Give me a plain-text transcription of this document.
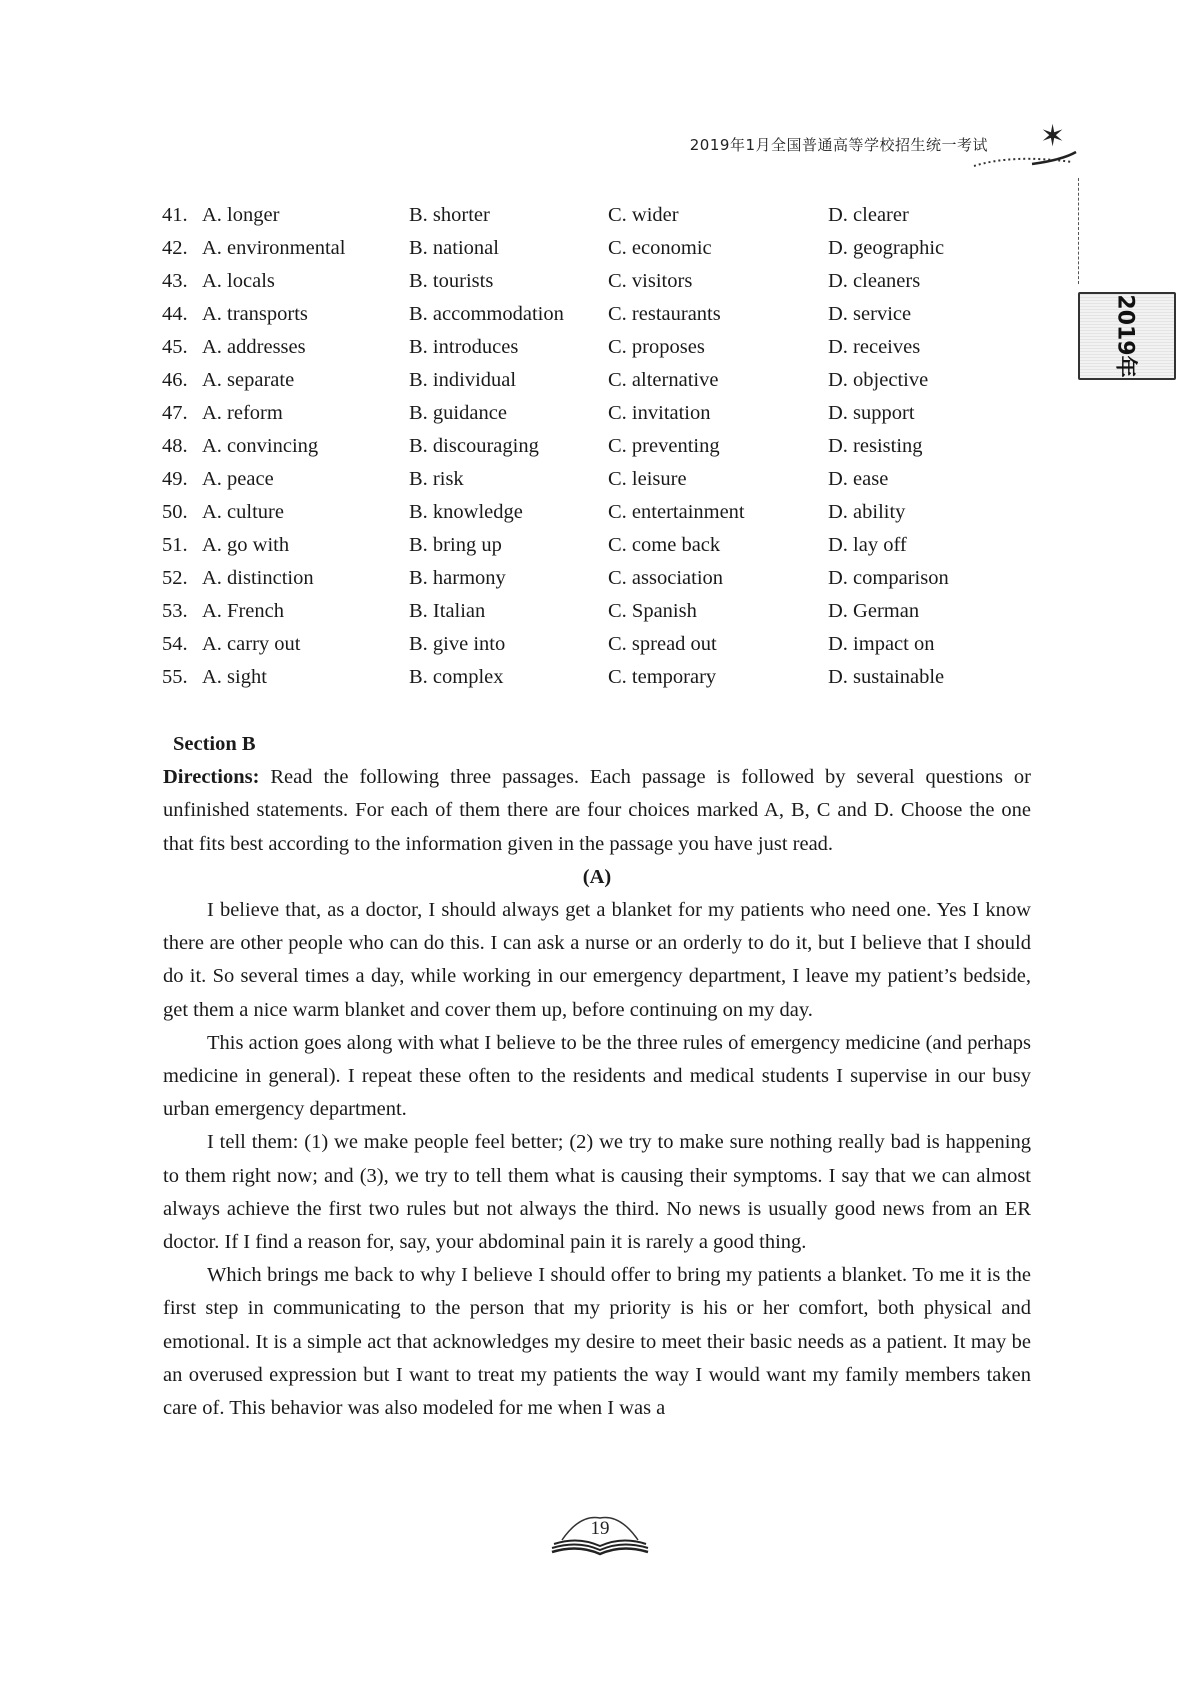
2019年1月全国普通高等学校招生统一考试 ✶
2019年
41. A. longer	B. shorter	C. wider	D. clearer
42. A. environmental	B. national	C. economic	D. geographic
43. A. locals	B. tourists	C. visitors	D. cleaners
44. A. transports	B. accommodation C. restaurants	D. service
45. A. addresses	B. introduces	C. proposes	D. receives
46. A. separate	B. individual	C. alternative	D. objective
47. A. reform	B. guidance	C. invitation	D. support
48. A. convincing	B. discouraging	C. preventing	D. resisting
49. A. peace	B. risk	C. leisure	D. ease
50. A. culture	B. knowledge	C. entertainment	D. ability
51. A. go with	B. bring up	C. come back	D. lay off
52. A. distinction	B. harmony	C. association	D. comparison
53. A. French	B. Italian	C. Spanish	D. German
54. A. carry out	B. give into	C. spread out	D. impact on
55. A. sight	B. complex	C. temporary	D. sustainable

Section B

Directions: Read the following three passages. Each passage is followed by several questions or unfinished statements. For each of them there are four choices marked A, B, C and D. Choose the one that fits best according to the information given in the passage you have just read.

(A)

I believe that, as a doctor, I should always get a blanket for my patients who need one. Yes I know there are other people who can do this. I can ask a nurse or an orderly to do it, but I believe that I should do it. So several times a day, while working in our emergency department, I leave my patient’s bedside, get them a nice warm blanket and cover them up, before continuing on my day.

This action goes along with what I believe to be the three rules of emergency medicine (and perhaps medicine in general). I repeat these often to the residents and medical students I supervise in our busy urban emergency department.

I tell them: (1) we make people feel better; (2) we try to make sure nothing really bad is happening to them right now; and (3), we try to tell them what is causing their symptoms. I say that we can almost always achieve the first two rules but not always the third. No news is usually good news from an ER doctor. If I find a reason for, say, your abdominal pain it is rarely a good thing.

Which brings me back to why I believe I should offer to bring my patients a blanket. To me it is the first step in communicating to the person that my priority is his or her comfort, both physical and emotional. It is a simple act that acknowledges my desire to meet their basic needs as a patient. It may be an overused expression but I want to treat my patients the way I would want my family members taken care of. This behavior was also modeled for me when I was a

19
